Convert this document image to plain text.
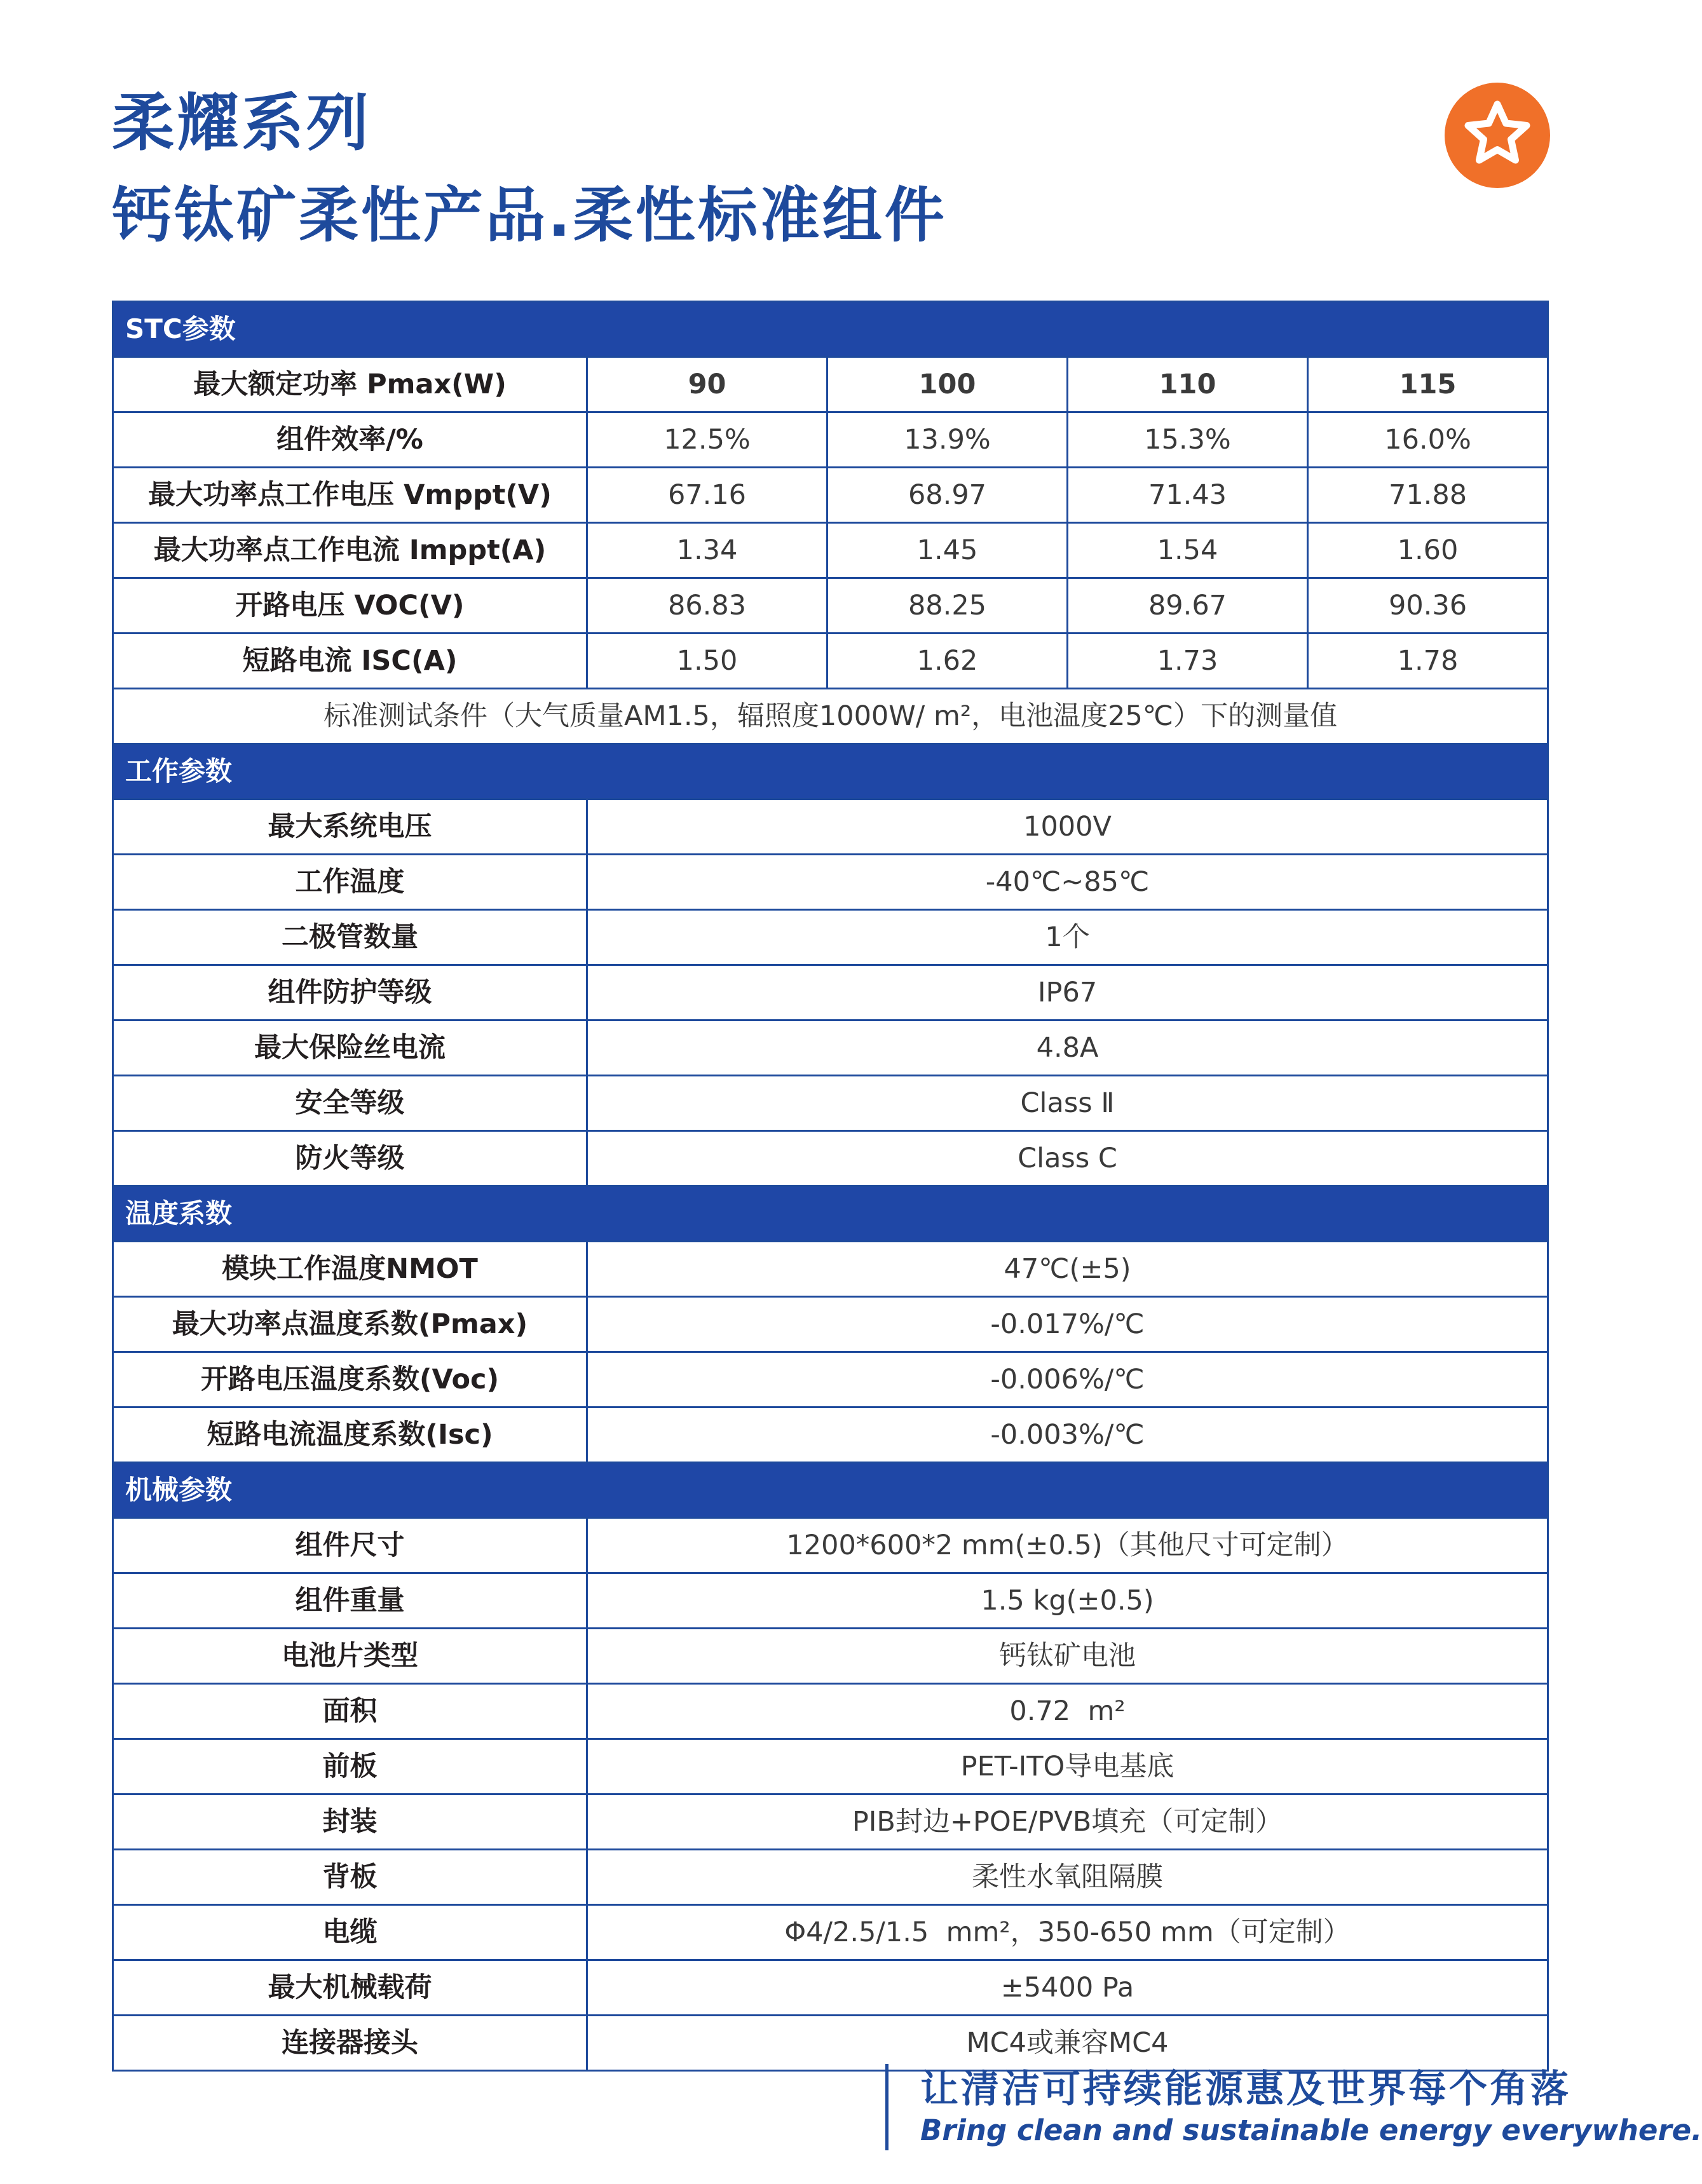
柔耀系列
钙钛矿柔性产品.柔性标准组件
STC参数				
最大额定功率 Pmax(W)	90	100	110	115
组件效率/%	12.5%	13.9%	15.3%	16.0%
最大功率点工作电压 Vmppt(V)	67.16	68.97	71.43	71.88
最大功率点工作电流 Imppt(A)	1.34	1.45	1.54	1.60
开路电压 VOC(V)	86.83	88.25	89.67	90.36
短路电流 ISC(A)	1.50	1.62	1.73	1.78
标准测试条件（大气质量AM1.5，辐照度1000W/ m²，电池温度25℃）下的测量值				
工作参数				
最大系统电压	1000V			
工作温度	-40℃~85℃			
二极管数量	1个			
组件防护等级	IP67			
最大保险丝电流	4.8A			
安全等级	Class Ⅱ			
防火等级	Class C			
温度系数				
模块工作温度NMOT	47℃(±5)			
最大功率点温度系数(Pmax)	-0.017%/℃			
开路电压温度系数(Voc)	-0.006%/℃			
短路电流温度系数(Isc)	-0.003%/℃			
机械参数				
组件尺寸	1200*600*2 mm(±0.5)（其他尺寸可定制）			
组件重量	1.5 kg(±0.5)			
电池片类型	钙钛矿电池			
面积	0.72  m²			
前板	PET-ITO导电基底			
封装	PIB封边+POE/PVB填充（可定制）			
背板	柔性水氧阻隔膜			
电缆	Φ4/2.5/1.5  mm²，350-650 mm（可定制）			
最大机械载荷	±5400 Pa			
连接器接头	MC4或兼容MC4			
让清洁可持续能源惠及世界每个角落
Bring clean and sustainable energy everywhere.
